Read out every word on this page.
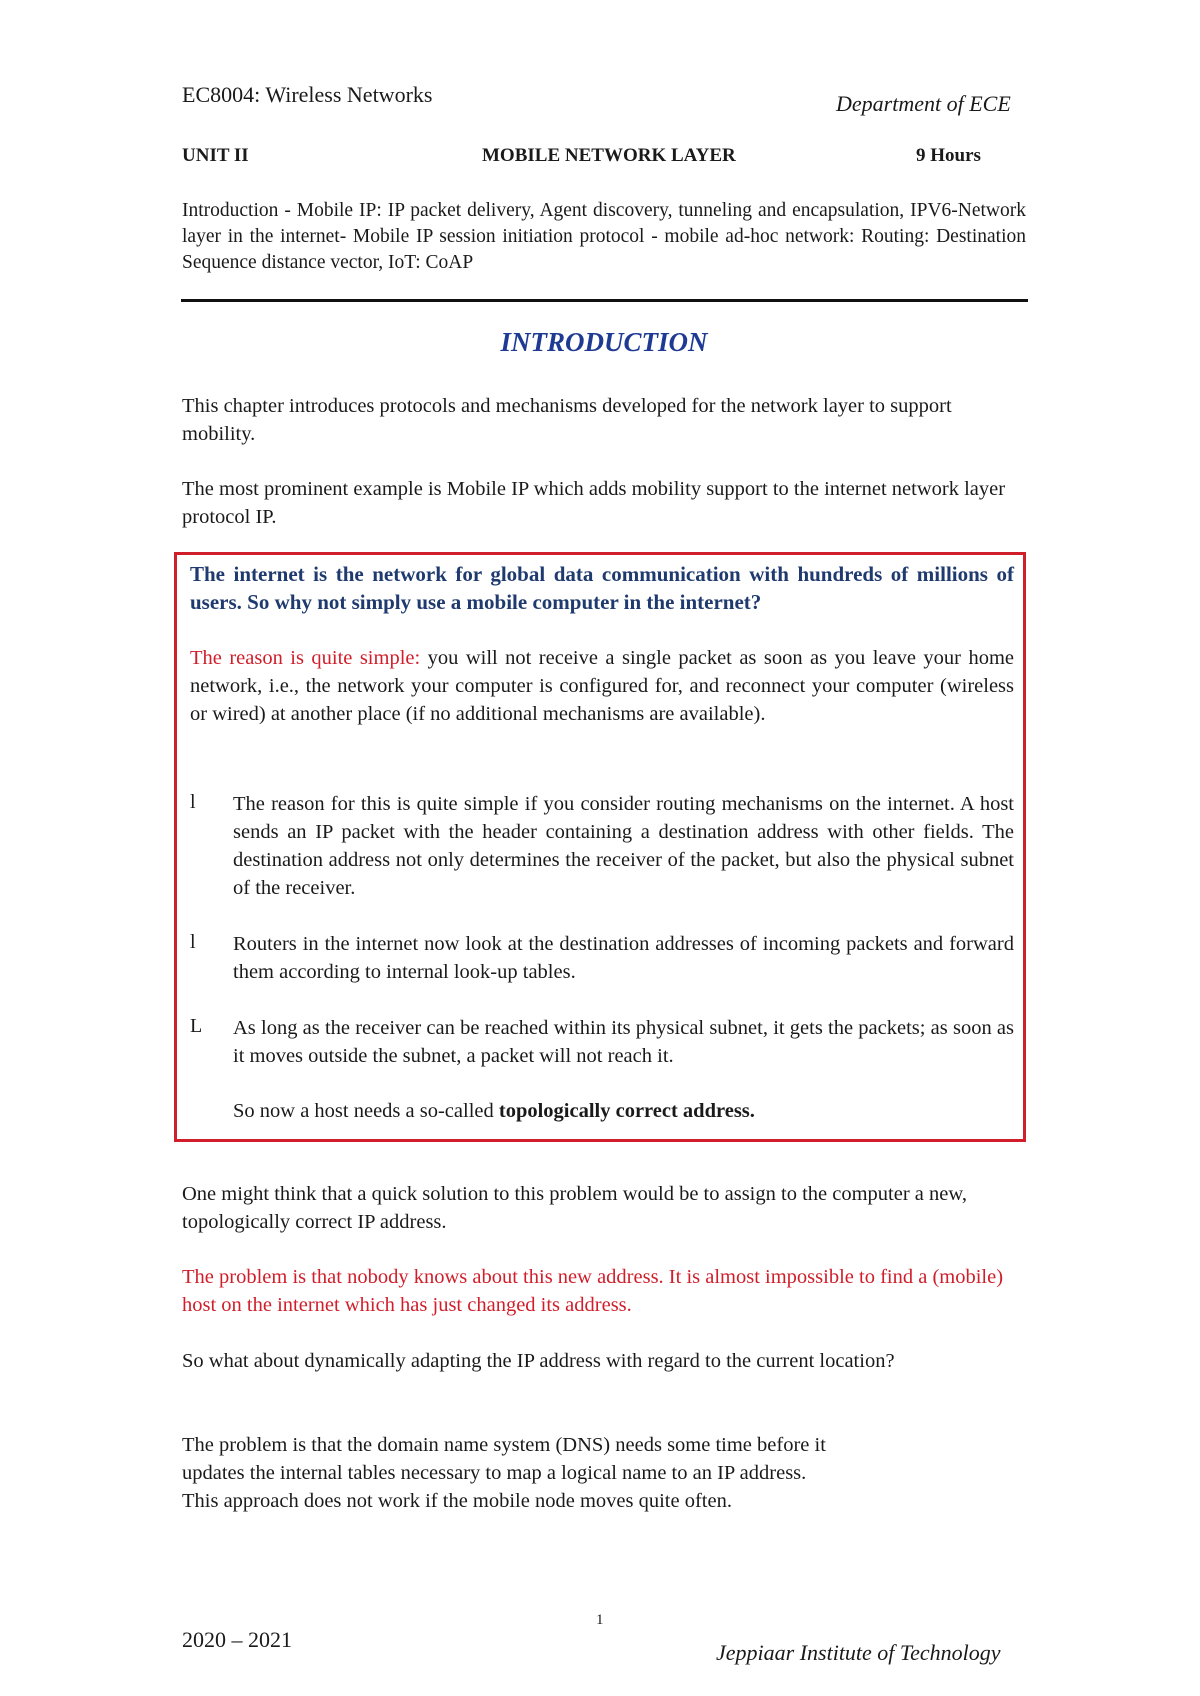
EC8004: Wireless Networks	Department of ECE
UNIT II	MOBILE NETWORK LAYER	9 Hours
Introduction - Mobile IP: IP packet delivery, Agent discovery, tunneling and encapsulation, IPV6-Network layer in the internet- Mobile IP session initiation protocol - mobile ad-hoc network: Routing: Destination Sequence distance vector, IoT: CoAP
INTRODUCTION
This chapter introduces protocols and mechanisms developed for the network layer to support mobility.
The most prominent example is Mobile IP which adds mobility support to the internet network layer protocol IP.
The internet is the network for global data communication with hundreds of millions of users. So why not simply use a mobile computer in the internet?
The reason is quite simple: you will not receive a single packet as soon as you leave your home network, i.e., the network your computer is configured for, and reconnect your computer (wireless or wired) at another place (if no additional mechanisms are available).
l The reason for this is quite simple if you consider routing mechanisms on the internet. A host sends an IP packet with the header containing a destination address with other fields. The destination address not only determines the receiver of the packet, but also the physical subnet of the receiver.
l Routers in the internet now look at the destination addresses of incoming packets and forward them according to internal look-up tables.
L As long as the receiver can be reached within its physical subnet, it gets the packets; as soon as it moves outside the subnet, a packet will not reach it.
So now a host needs a so-called topologically correct address.
One might think that a quick solution to this problem would be to assign to the computer a new, topologically correct IP address.
The problem is that nobody knows about this new address. It is almost impossible to find a (mobile) host on the internet which has just changed its address.
So what about dynamically adapting the IP address with regard to the current location?
The problem is that the domain name system (DNS) needs some time before it
updates the internal tables necessary to map a logical name to an IP address.
This approach does not work if the mobile node moves quite often.
2020 – 2021
1
Jeppiaar Institute of Technology
